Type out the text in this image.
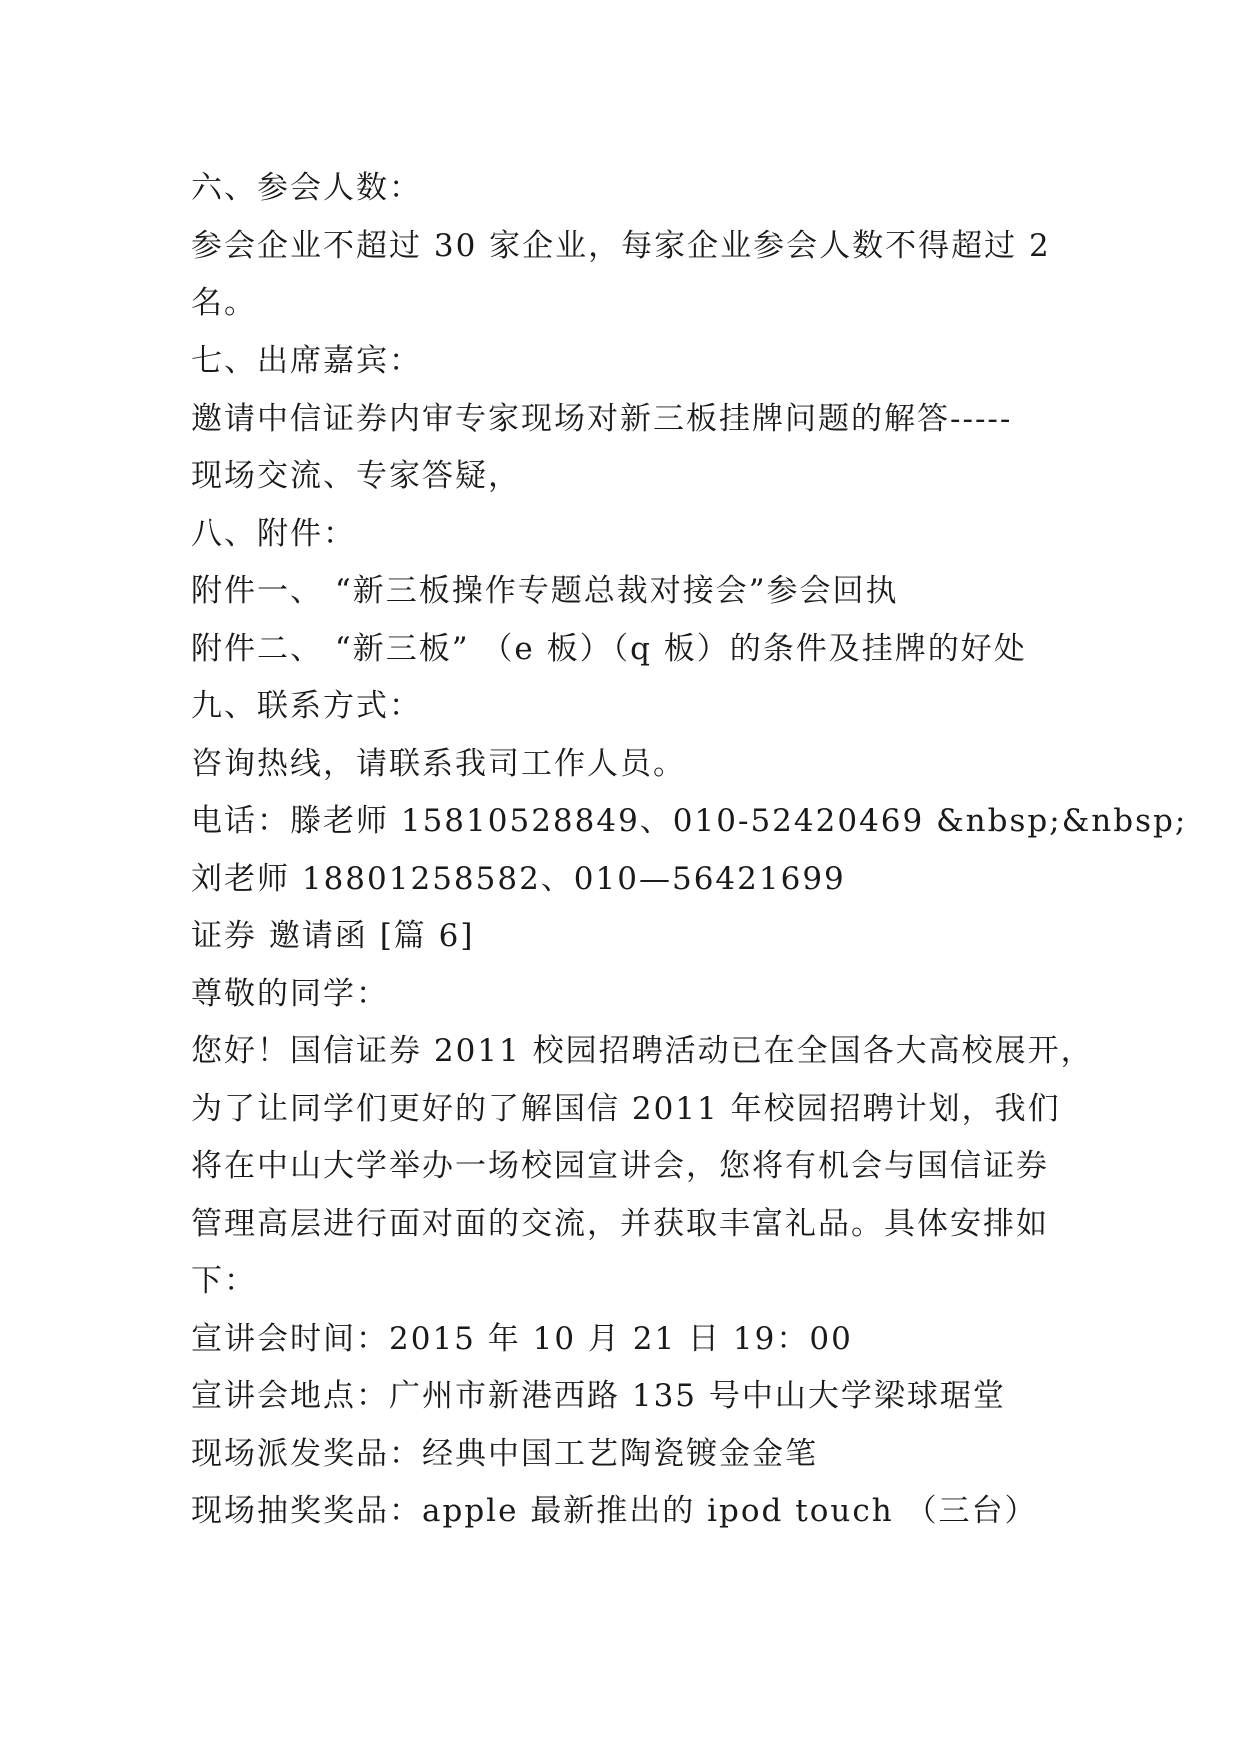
六、参会人数：

参会企业不超过 30 家企业，每家企业参会人数不得超过 2

名。

七、出席嘉宾：

邀请中信证券内审专家现场对新三板挂牌问题的解答-----

现场交流、专家答疑，

八、附件：

附件一、 “新三板操作专题总裁对接会”参会回执

附件二、 “新三板” （e 板）（q 板）的条件及挂牌的好处

九、联系方式：

咨询热线，请联系我司工作人员。

电话：滕老师 15810528849、010-52420469 &nbsp;&nbsp;

刘老师 18801258582、010—56421699

证券 邀请函 [篇 6]

尊敬的同学：

您好！国信证券 2011 校园招聘活动已在全国各大高校展开，

为了让同学们更好的了解国信 2011 年校园招聘计划，我们

将在中山大学举办一场校园宣讲会，您将有机会与国信证券

管理高层进行面对面的交流，并获取丰富礼品。具体安排如

下：

宣讲会时间：2015 年 10 月 21 日 19：00

宣讲会地点：广州市新港西路 135 号中山大学梁球琚堂

现场派发奖品：经典中国工艺陶瓷镀金金笔

现场抽奖奖品：apple 最新推出的 ipod touch （三台）
